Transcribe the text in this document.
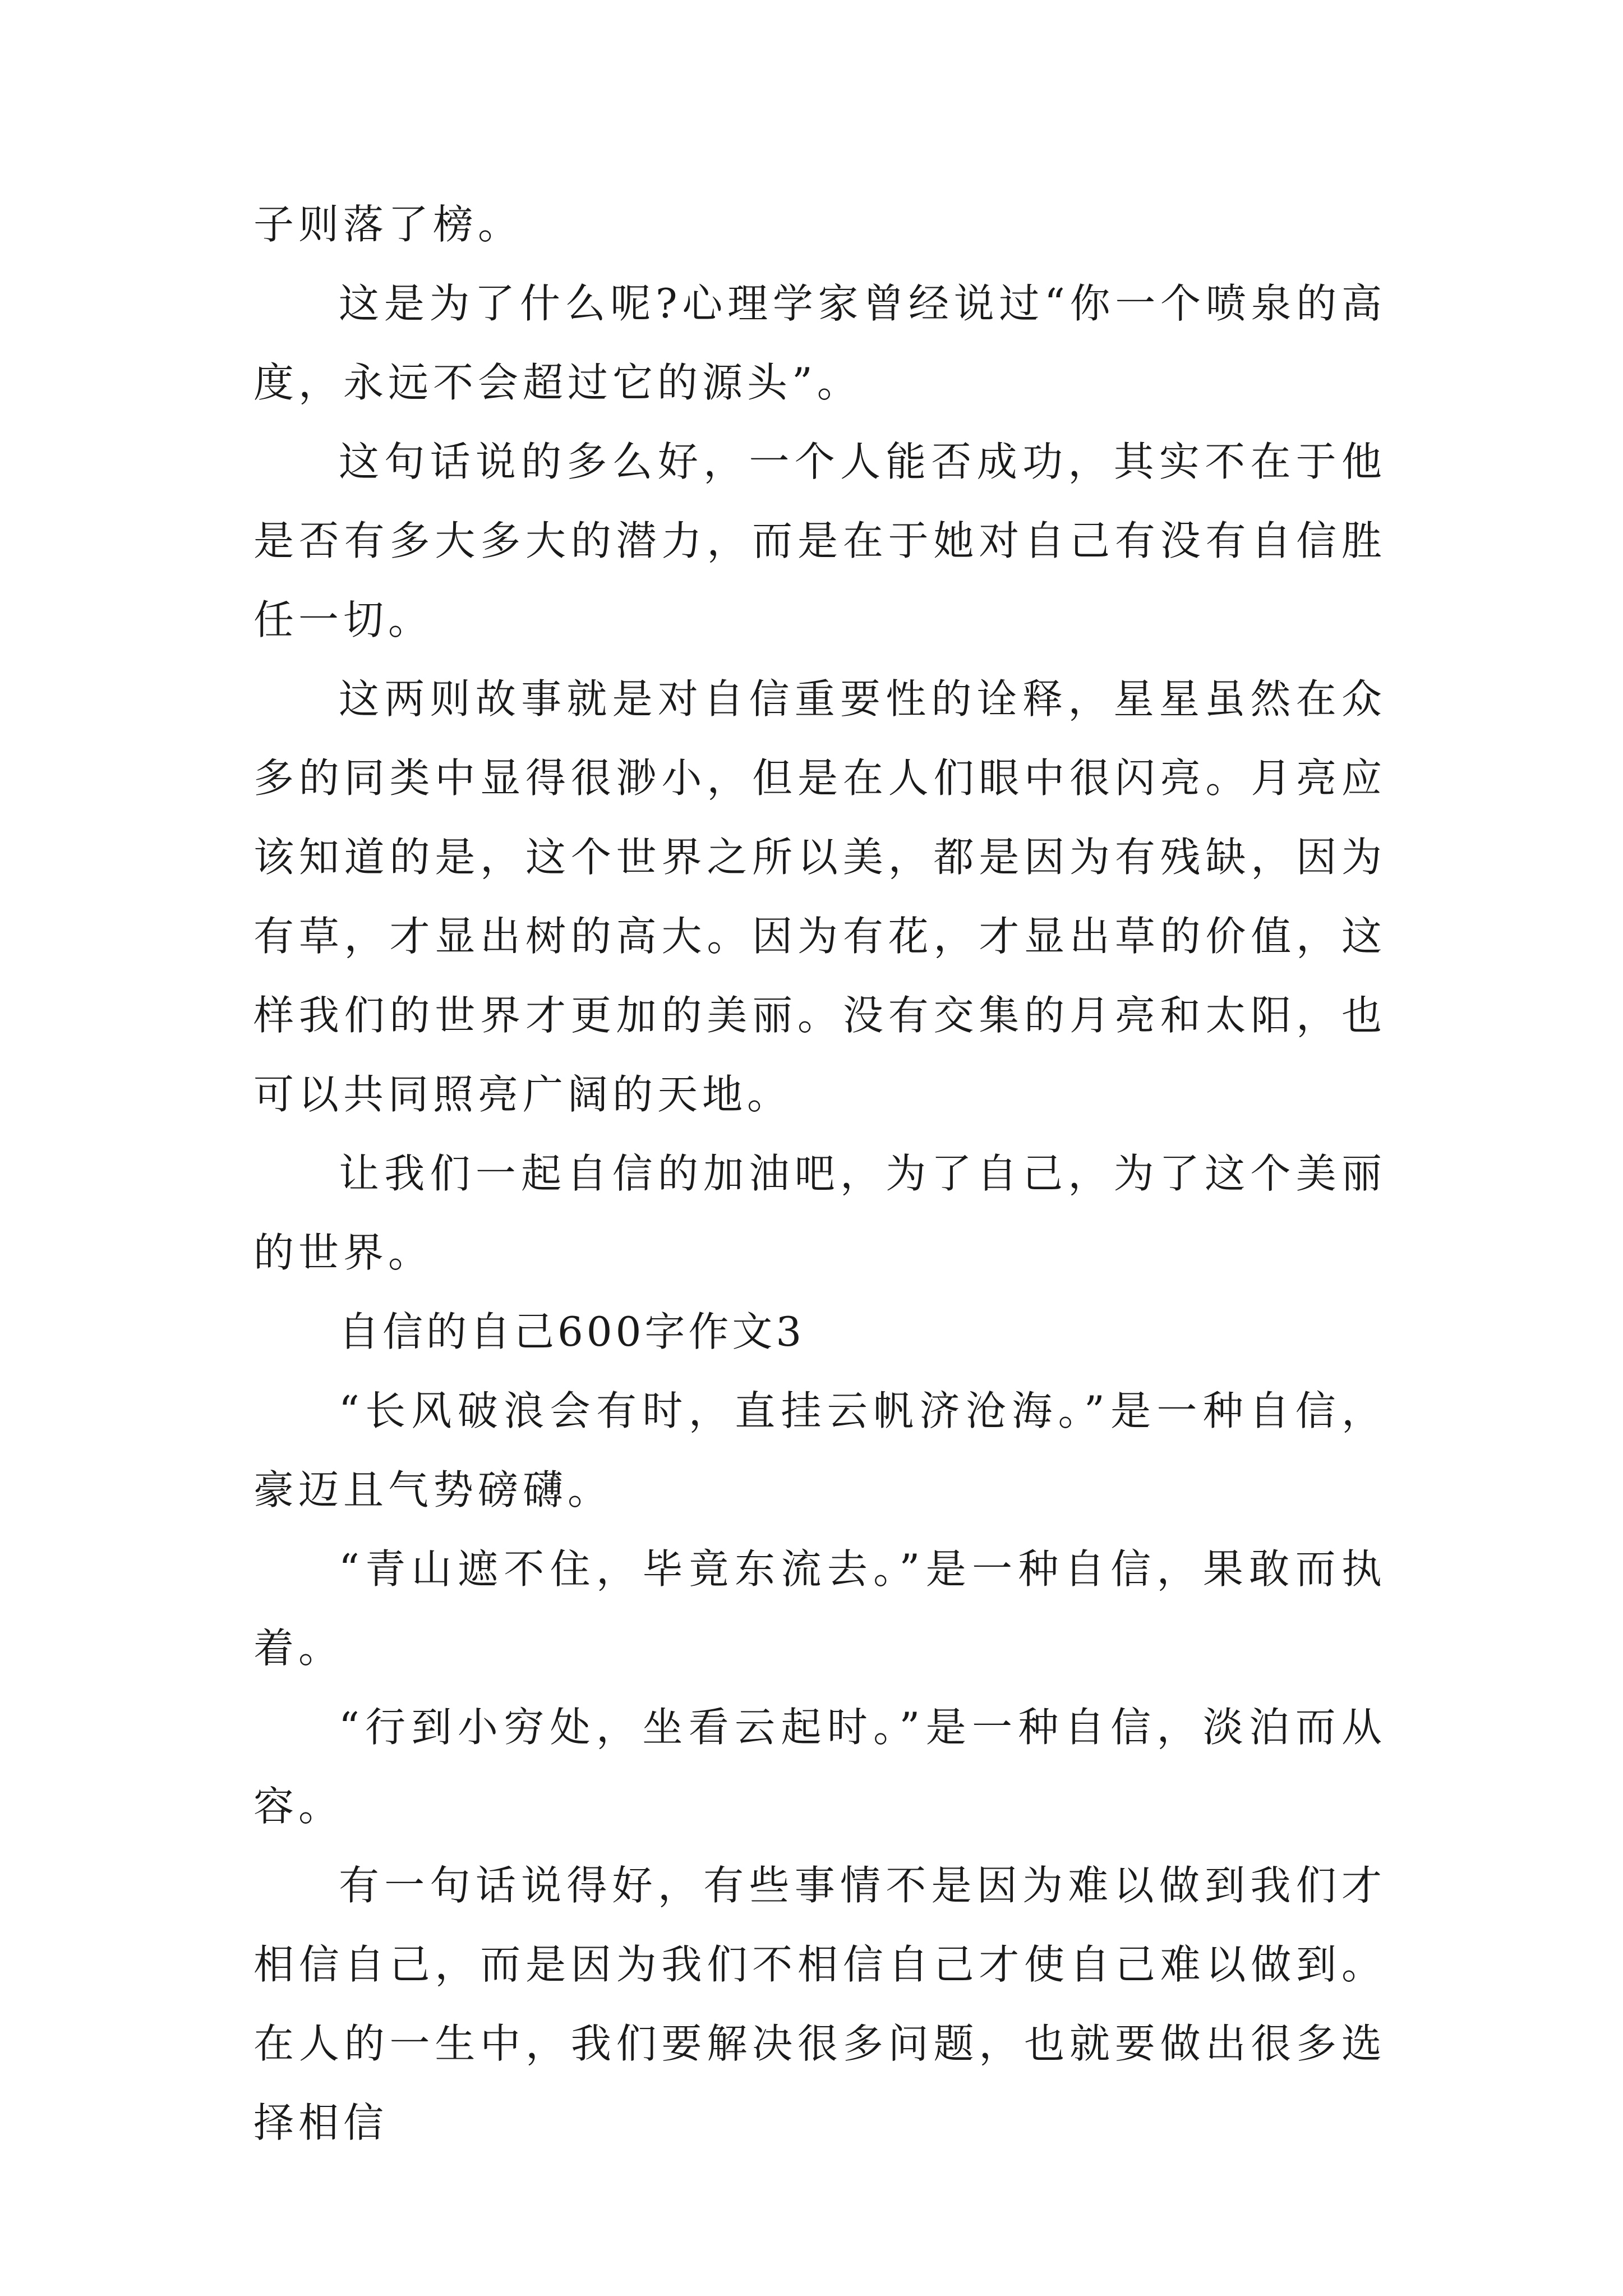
子则落了榜。

这是为了什么呢?心理学家曾经说过“你一个喷泉的高度，永远不会超过它的源头”。

这句话说的多么好，一个人能否成功，其实不在于他是否有多大多大的潜力，而是在于她对自己有没有自信胜任一切。

这两则故事就是对自信重要性的诠释，星星虽然在众多的同类中显得很渺小，但是在人们眼中很闪亮。月亮应该知道的是，这个世界之所以美，都是因为有残缺，因为有草，才显出树的高大。因为有花，才显出草的价值，这样我们的世界才更加的美丽。没有交集的月亮和太阳，也可以共同照亮广阔的天地。

让我们一起自信的加油吧，为了自己，为了这个美丽的世界。

自信的自己600字作文3

“长风破浪会有时，直挂云帆济沧海。”是一种自信，豪迈且气势磅礴。

“青山遮不住，毕竟东流去。”是一种自信，果敢而执着。

“行到小穷处，坐看云起时。”是一种自信，淡泊而从容。

有一句话说得好，有些事情不是因为难以做到我们才相信自己，而是因为我们不相信自己才使自己难以做到。在人的一生中，我们要解决很多问题，也就要做出很多选择相信
